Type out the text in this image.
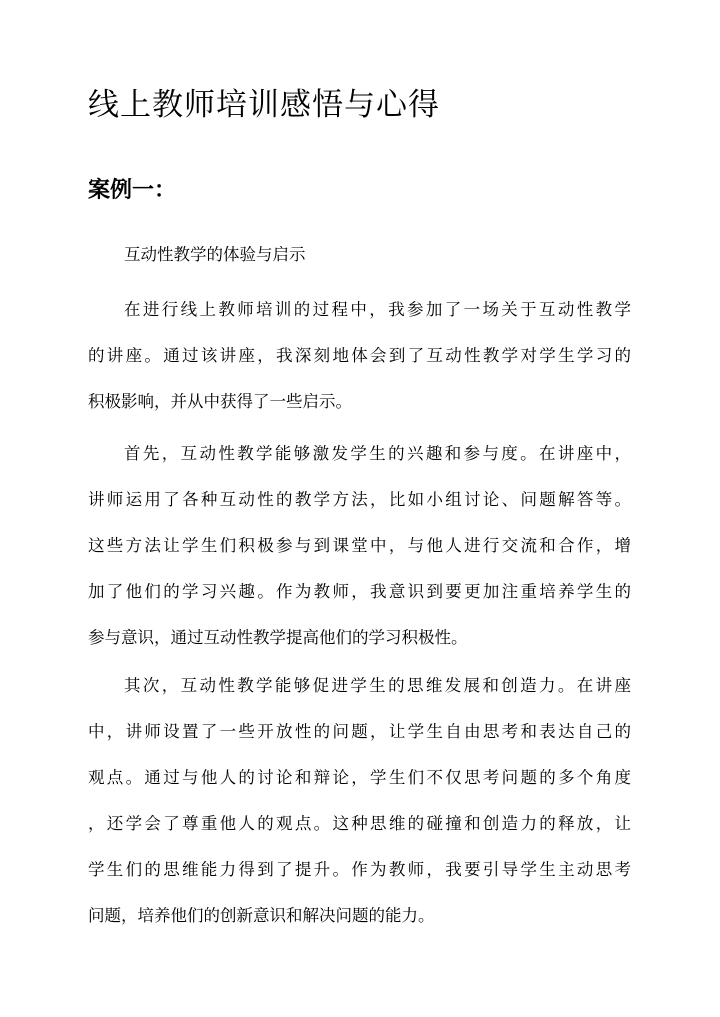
线上教师培训感悟与心得
案例一：
互动性教学的体验与启示
在进行线上教师培训的过程中，我参加了一场关于互动性教学
的讲座。通过该讲座，我深刻地体会到了互动性教学对学生学习的
积极影响，并从中获得了一些启示。
首先，互动性教学能够激发学生的兴趣和参与度。在讲座中，
讲师运用了各种互动性的教学方法，比如小组讨论、问题解答等。
这些方法让学生们积极参与到课堂中，与他人进行交流和合作，增
加了他们的学习兴趣。作为教师，我意识到要更加注重培养学生的
参与意识，通过互动性教学提高他们的学习积极性。
其次，互动性教学能够促进学生的思维发展和创造力。在讲座
中，讲师设置了一些开放性的问题，让学生自由思考和表达自己的
观点。通过与他人的讨论和辩论，学生们不仅思考问题的多个角度
，还学会了尊重他人的观点。这种思维的碰撞和创造力的释放，让
学生们的思维能力得到了提升。作为教师，我要引导学生主动思考
问题，培养他们的创新意识和解决问题的能力。
